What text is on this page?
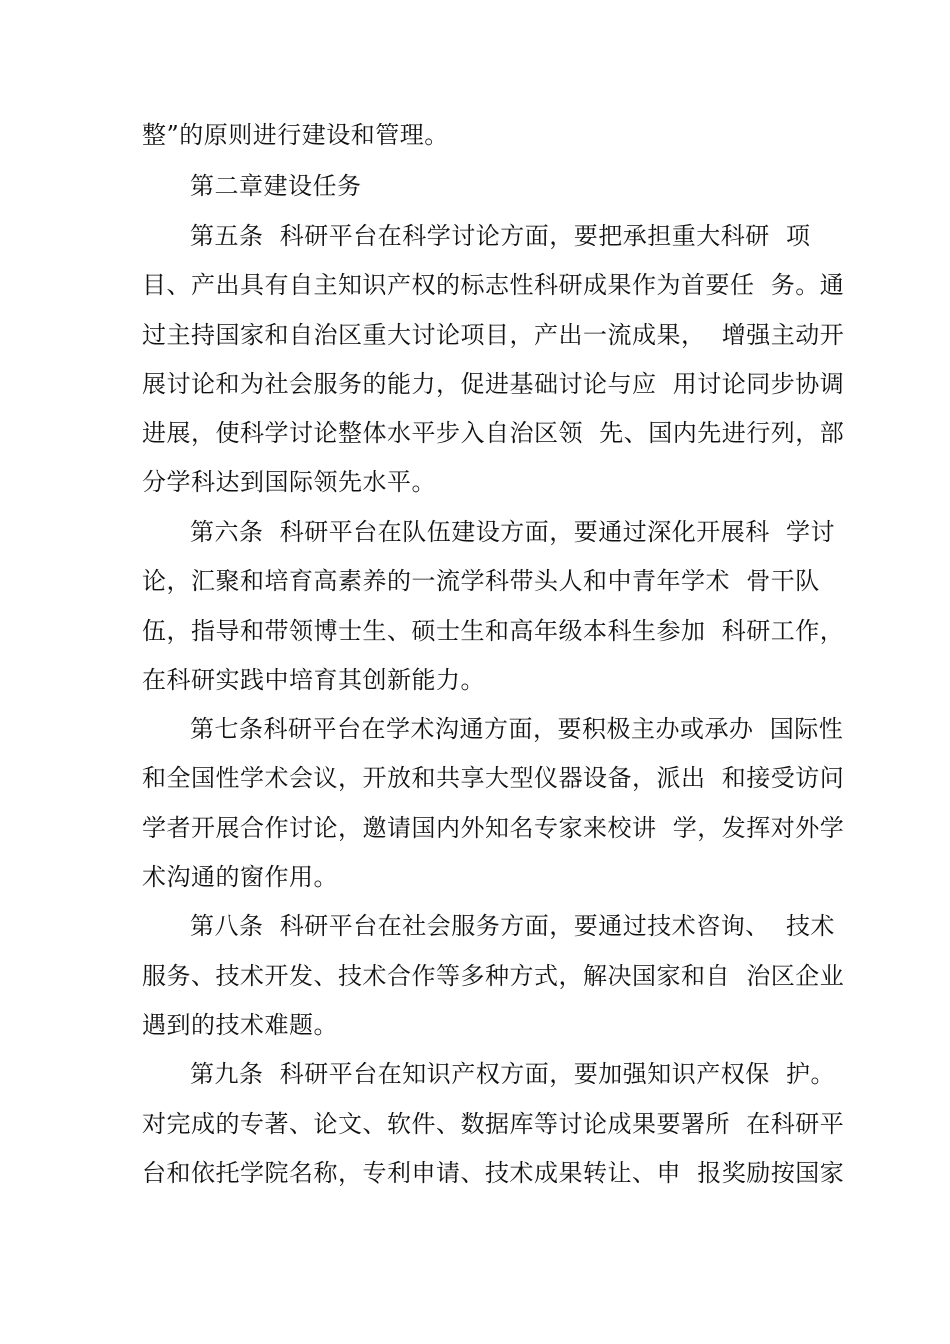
整”的原则进行建设和管理。
第二章建设任务
第五条  科研平台在科学讨论方面，要把承担重大科研  项
目、产出具有自主知识产权的标志性科研成果作为首要任  务。通
过主持国家和自治区重大讨论项目，产出一流成果，  增强主动开
展讨论和为社会服务的能力，促进基础讨论与应  用讨论同步协调
进展，使科学讨论整体水平步入自治区领  先、国内先进行列，部
分学科达到国际领先水平。
第六条  科研平台在队伍建设方面，要通过深化开展科  学讨
论，汇聚和培育高素养的一流学科带头人和中青年学术  骨干队
伍，指导和带领博士生、硕士生和高年级本科生参加  科研工作，
在科研实践中培育其创新能力。
第七条科研平台在学术沟通方面，要积极主办或承办  国际性
和全国性学术会议，开放和共享大型仪器设备，派出  和接受访问
学者开展合作讨论，邀请国内外知名专家来校讲  学，发挥对外学
术沟通的窗作用。
第八条  科研平台在社会服务方面，要通过技术咨询、  技术
服务、技术开发、技术合作等多种方式，解决国家和自  治区企业
遇到的技术难题。
第九条  科研平台在知识产权方面，要加强知识产权保  护。
对完成的专著、论文、软件、数据库等讨论成果要署所  在科研平
台和依托学院名称，专利申请、技术成果转让、申  报奖励按国家
